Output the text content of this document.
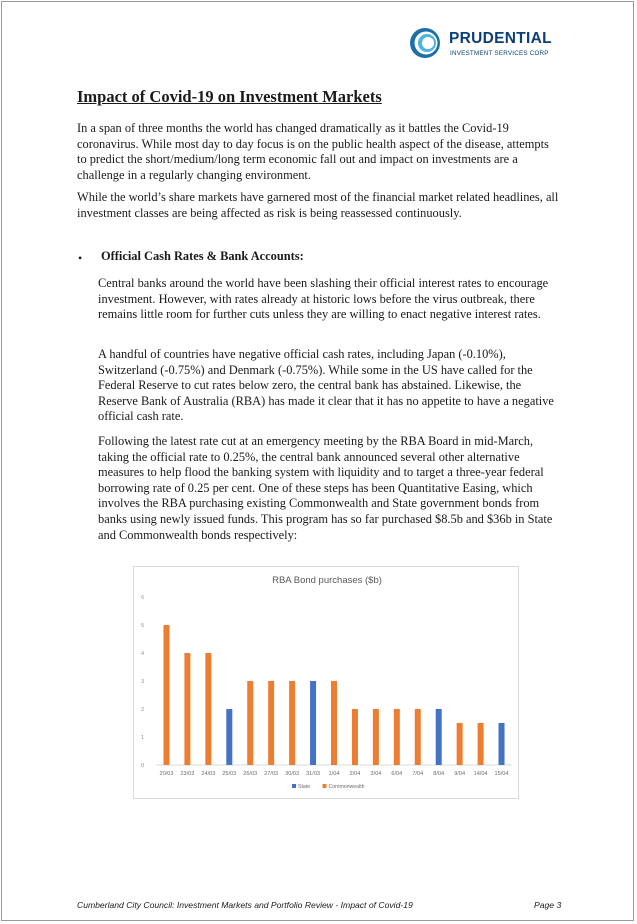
PRUDENTIAL
INVESTMENT SERVICES CORP
Impact of Covid-19 on Investment Markets

In a span of three months the world has changed dramatically as it battles the Covid-19 coronavirus. While most day to day focus is on the public health aspect of the disease, attempts to predict the short/medium/long term economic fall out and impact on investments are a challenge in a regularly changing environment.

While the world’s share markets have garnered most of the financial market related headlines, all investment classes are being affected as risk is being reassessed continuously.

• Official Cash Rates & Bank Accounts:

Central banks around the world have been slashing their official interest rates to encourage investment. However, with rates already at historic lows before the virus outbreak, there remains little room for further cuts unless they are willing to enact negative interest rates.

A handful of countries have negative official cash rates, including Japan (-0.10%), Switzerland (-0.75%) and Denmark (-0.75%). While some in the US have called for the Federal Reserve to cut rates below zero, the central bank has abstained. Likewise, the Reserve Bank of Australia (RBA) has made it clear that it has no appetite to have a negative official cash rate.

Following the latest rate cut at an emergency meeting by the RBA Board in mid-March, taking the official rate to 0.25%, the central bank announced several other alternative measures to help flood the banking system with liquidity and to target a three-year federal borrowing rate of 0.25 per cent. One of these steps has been Quantitative Easing, which involves the RBA purchasing existing Commonwealth and State government bonds from banks using newly issued funds. This program has so far purchased $8.5b and $36b in State and Commonwealth bonds respectively:

RBA Bond purchases ($b)
0
1
2
3
4
5
6
20/03 23/03 24/03 25/03 26/03 27/03 30/03 31/03 1/04 2/04 3/04 6/04 7/04 8/04 9/04 14/04 15/04
State	Commonwealth
Cumberland City Council: Investment Markets and Portfolio Review - Impact of Covid-19	Page 3
